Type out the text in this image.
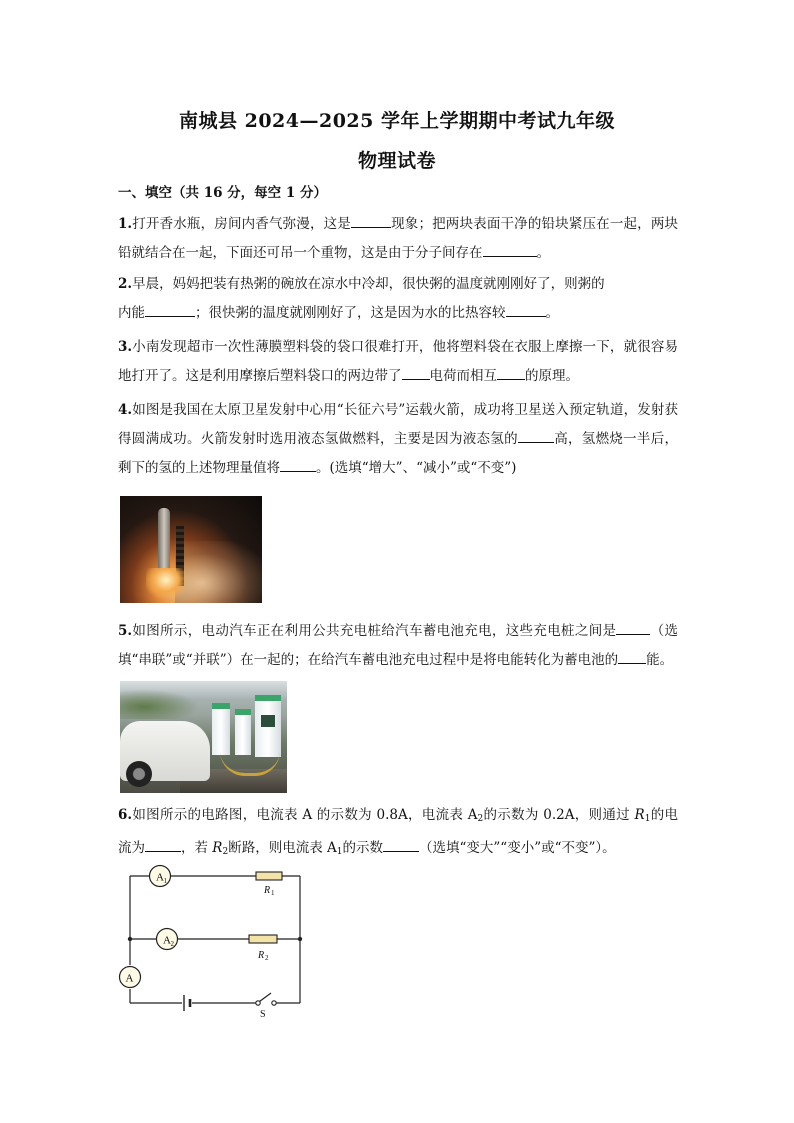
南城县 2024—2025 学年上学期期中考试九年级
物理试卷
一、填空（共 16 分，每空 1 分）
1.打开香水瓶，房间内香气弥漫，这是	现象；把两块表面干净的铅块紧压在一起，两块铅就结合在一起，下面还可吊一个重物，这是由于分子间存在	。
2.早晨，妈妈把装有热粥的碗放在凉水中冷却，很快粥的温度就刚刚好了，则粥的
内能	；很快粥的温度就刚刚好了，这是因为水的比热容较	。
3.小南发现超市一次性薄膜塑料袋的袋口很难打开，他将塑料袋在衣服上摩擦一下，就很容易地打开了。这是利用摩擦后塑料袋口的两边带了 电荷而相互 的原理。
4.如图是我国在太原卫星发射中心用“长征六号”运载火箭，成功将卫星送入预定轨道，发射获得圆满成功。火箭发射时选用液态氢做燃料，主要是因为液态氢的	高，氢燃烧一半后，剩下的氢的上述物理量值将	。(选填“增大”、“减小”或“不变”)
5.如图所示，电动汽车正在利用公共充电桩给汽车蓄电池充电，这些充电桩之间是	（选填“串联”或“并联”）在一起的；在给汽车蓄电池充电过程中是将电能转化为蓄电池的 能。
6.如图所示的电路图，电流表 A 的示数为 0.8A，电流表 $A_2$的示数为 0.2A，则通过 $R_1$的电流为	，若 $R_2$断路，则电流表 $A_1$的示数	（选填“变大”“变小”或“不变”）。
A 1
A 2
A
R 1
R 2
S
